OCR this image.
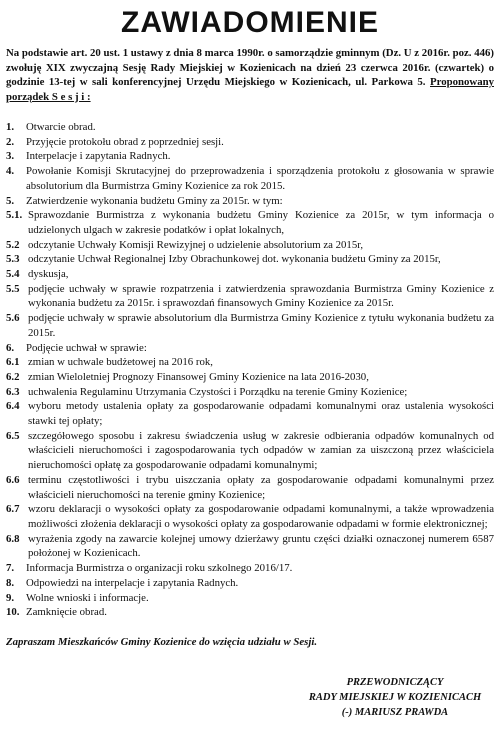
ZAWIADOMIENIE

Na podstawie art. 20 ust. 1 ustawy z dnia 8 marca 1990r. o samorządzie gminnym (Dz. U z 2016r. poz. 446) zwołuję XIX zwyczajną Sesję Rady Miejskiej w Kozienicach na dzień 23 czerwca 2016r. (czwartek) o godzinie 13-tej w sali konferencyjnej Urzędu Miejskiego w Kozienicach, ul. Parkowa 5. Proponowany porządek S e s j i :

1. Otwarcie obrad.
2. Przyjęcie protokołu obrad z poprzedniej sesji.
3. Interpelacje i zapytania Radnych.
4. Powołanie Komisji Skrutacyjnej do przeprowadzenia i sporządzenia protokołu z głosowania w sprawie absolutorium dla Burmistrza Gminy Kozienice za rok 2015.
5. Zatwierdzenie wykonania budżetu Gminy za 2015r. w tym:
5.1. Sprawozdanie Burmistrza z wykonania budżetu Gminy Kozienice za 2015r, w tym informacja o udzielonych ulgach w zakresie podatków i opłat lokalnych,
5.2 odczytanie Uchwały Komisji Rewizyjnej o udzielenie absolutorium za 2015r,
5.3 odczytanie Uchwał Regionalnej Izby Obrachunkowej dot. wykonania budżetu Gminy za 2015r,
5.4 dyskusja,
5.5 podjęcie uchwały w sprawie rozpatrzenia i zatwierdzenia sprawozdania Burmistrza Gminy Kozienice z wykonania budżetu za 2015r. i sprawozdań finansowych Gminy Kozienice za 2015r.
5.6 podjęcie uchwały w sprawie absolutorium dla Burmistrza Gminy Kozienice z tytułu wykonania budżetu za 2015r.
6. Podjęcie uchwał w sprawie:
6.1 zmian w uchwale budżetowej na 2016 rok,
6.2 zmian Wieloletniej Prognozy Finansowej Gminy Kozienice na lata 2016-2030,
6.3 uchwalenia Regulaminu Utrzymania Czystości i Porządku na terenie Gminy Kozienice;
6.4 wyboru metody ustalenia opłaty za gospodarowanie odpadami komunalnymi oraz ustalenia wysokości stawki tej opłaty;
6.5 szczegółowego sposobu i zakresu świadczenia usług w zakresie odbierania odpadów komunalnych od właścicieli nieruchomości i zagospodarowania tych odpadów w zamian za uiszczoną przez właściciela nieruchomości opłatę za gospodarowanie odpadami komunalnymi;
6.6 terminu częstotliwości i trybu uiszczania opłaty za gospodarowanie odpadami komunalnymi przez właścicieli nieruchomości na terenie gminy Kozienice;
6.7 wzoru deklaracji o wysokości opłaty za gospodarowanie odpadami komunalnymi, a także wprowadzenia możliwości złożenia deklaracji o wysokości opłaty za gospodarowanie odpadami w formie elektronicznej;
6.8 wyrażenia zgody na zawarcie kolejnej umowy dzierżawy gruntu części działki oznaczonej numerem 6587 położonej w Kozienicach.
7. Informacja Burmistrza o organizacji roku szkolnego 2016/17.
8. Odpowiedzi na interpelacje i zapytania Radnych.
9. Wolne wnioski i informacje.
10. Zamknięcie obrad.

Zapraszam Mieszkańców Gminy Kozienice do wzięcia udziału w Sesji.

PRZEWODNICZĄCY
RADY MIEJSKIEJ W KOZIENICACH
(-) MARIUSZ PRAWDA
